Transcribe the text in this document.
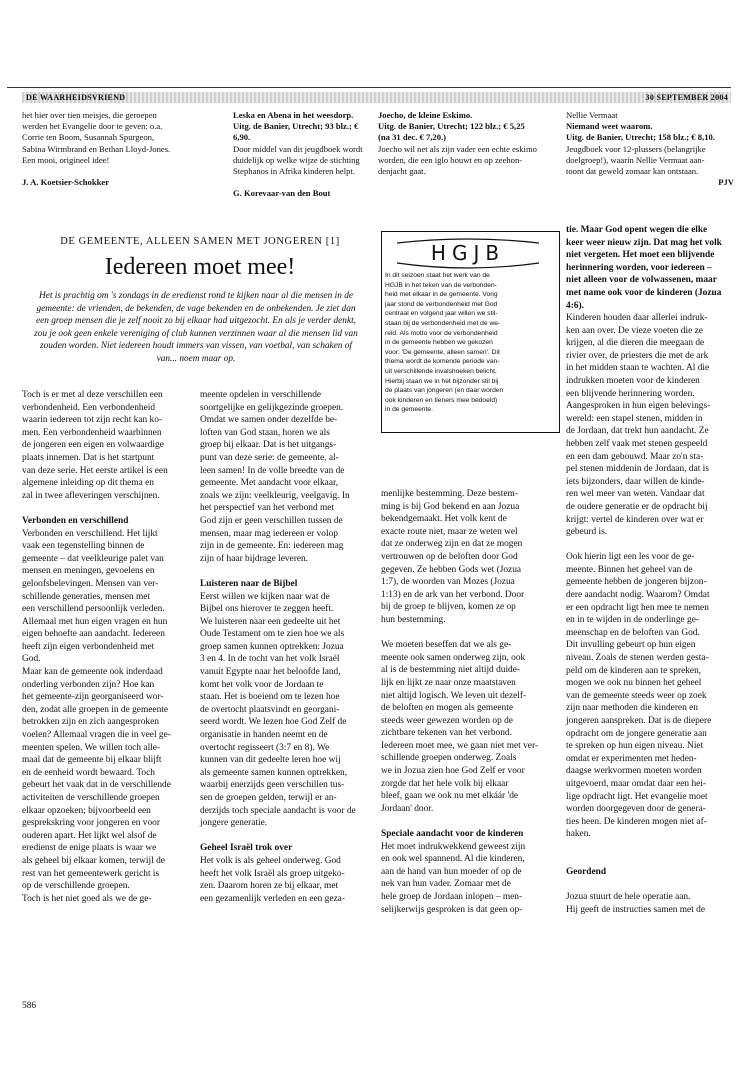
DE WAARHEIDSVRIEND	30 SEPTEMBER 2004

het hier over tien meisjes, die geroepen

werden het Evangelie door te geven: o.a.

Corrie ten Boom, Susannah Spurgeon,

Sabina Wirmbrand en Bethan Lloyd-Jones.

Een mooi, origineel idee!

J. A. Koetsier-Schokker

Leska en Abena in het weesdorp.

Uitg. de Banier, Utrecht; 93 blz.; € 6,90.

Door middel van dit jeugdboek wordt

duidelijk op welke wijze de stichting

Stephanos in Afrika kinderen helpt.

G. Korevaar-van den Bout

Joecho, de kleine Eskimo.

Uitg. de Banier, Utrecht; 122 blz.; € 5,25

(na 31 dec. € 7,20.)

Joecho wil net als zijn vader een echte eskimo

worden, die een iglo bouwt en op zeehon-

denjacht gaat.

Nellie Vermaat

Niemand weet waarom.

Uitg. de Banier, Utrecht; 158 blz.; € 8,10.

Jeugdboek voor 12-plussers (belangrijke

doelgroep!), waarin Nellie Vermaat aan-

toont dat geweld zomaar kan ontstaan.

PJV

DE GEMEENTE, ALLEEN SAMEN MET JONGEREN [1]
Iedereen moet mee!
Het is prachtig om 's zondags in de eredienst rond te kijken naar al die mensen in de
gemeente: de vrienden, de bekenden, de vage bekenden en de onbekenden. Je ziet dan
een groep mensen die je zelf nooit zo bij elkaar had uitgezocht. En als je verder denkt,
zou je ook geen enkele vereniging of club kunnen verzinnen waar al die mensen lid van
zouden worden. Niet iedereen houdt immers van vissen, van voetbal, van schaken of
van... noem maar op.

Toch is er met al deze verschillen een

verbondenheid. Een verbondenheid

waarin iedereen tot zijn recht kan ko-

men. Een verbondenheid waarbinnen

de jongeren een eigen en volwaardige

plaats innemen. Dat is het startpunt

van deze serie. Het eerste artikel is een

algemene inleiding op dit thema en

zal in twee afleveringen verschijnen.

Verbonden en verschillend

Verbonden en verschillend. Het lijkt

vaak een tegenstelling binnen de

gemeente – dat veelkleurige palet van

mensen en meningen, gevoelens en

geloofsbelevingen. Mensen van ver-

schillende generaties, mensen met

een verschillend persoonlijk verleden.

Allemaal met hun eigen vragen en hun

eigen behoefte aan aandacht. Iedereen

heeft zijn eigen verbondenheid met

God.

Maar kan de gemeente ook inderdaad

onderling verbonden zijn? Hoe kan

het gemeente-zijn georganiseerd wor-

den, zodat alle groepen in de gemeente

betrokken zijn en zich aangesproken

voelen? Allemaal vragen die in veel ge-

meenten spelen. We willen toch alle-

maal dat de gemeente bij elkaar blijft

en de eenheid wordt bewaard. Toch

gebeurt het vaak dat in de verschillende

activiteiten de verschillende groepen

elkaar opzoeken; bijvoorbeeld een

gesprekskring voor jongeren en voor

ouderen apart. Het lijkt wel alsof de

eredienst de enige plaats is waar we

als geheel bij elkaar komen, terwijl de

rest van het gemeentewerk gericht is

op de verschillende groepen.

Toch is het niet goed als we de ge-

meente opdelen in verschillende

soortgelijke en gelijkgezinde groepen.

Omdat we samen onder dezelfde be-

loften van God staan, horen we als

groep bij elkaar. Dat is het uitgangs-

punt van deze serie: de gemeente, al-

leen samen! In de volle breedte van de

gemeente. Met aandacht voor elkaar,

zoals we zijn: veelkleurig, veelgavig. In

het perspectief van het verbond met

God zijn er geen verschillen tussen de

mensen, maar mag iedereen er volop

zijn in de gemeente. En: iedereen mag

zijn of haar bijdrage leveren.

Luisteren naar de Bijbel

Eerst willen we kijken naar wat de

Bijbel ons hierover te zeggen heeft.

We luisteren naar een gedeelte uit het

Oude Testament om te zien hoe we als

groep samen kunnen optrekken: Jozua

3 en 4. In de tocht van het volk Israël

vanuit Egypte naar het beloofde land,

komt het volk voor de Jordaan te

staan. Het is boeiend om te lezen hoe

de overtocht plaatsvindt en georgani-

seerd wordt. We lezen hoe God Zelf de

organisatie in handen neemt en de

overtocht regisseert (3:7 en 8). We

kunnen van dit gedeelte leren hoe wij

als gemeente samen kunnen optrekken,

waarbij enerzijds geen verschillen tus-

sen de groepen gelden, terwijl er an-

derzijds toch speciale aandacht is voor de

jongere generatie.

Geheel Israël trok over

Het volk is als geheel onderweg. God

heeft het volk Israël als groep uitgeko-

zen. Daarom horen ze bij elkaar, met

een gezamenlijk verleden en een geza-

HGJB

In dit seizoen staat het werk van de

HGJB in het teken van de verbonden-

heid met elkaar in de gemeente. Vorig

jaar stond de verbondenheid met God

centraal en volgend jaar willen we stil-

staan bij de verbondenheid met de we-

reld. Als motto voor de verbondenheid

in de gemeente hebben we gekozen

voor: 'De gemeente, alleen samen'. Dit

thema wordt de komende periode van-

uit verschillende invalshoeken belicht.

Hierbij staan we in het bijzonder stil bij

de plaats van jongeren (en daar worden

ook kinderen en tieners mee bedoeld)

in de gemeente.

menlijke bestemming. Deze bestem-

ming is bij God bekend en aan Jozua

bekendgemaakt. Het volk kent de

exacte route niet, maar ze weten wel

dat ze onderweg zijn en dat ze mogen

vertrouwen op de beloften door God

gegeven. Ze hebben Gods wet (Jozua

1:7), de woorden van Mozes (Jozua

1:13) en de ark van het verbond. Door

bij de groep te blijven, komen ze op

hun bestemming.

We moeten beseffen dat we als ge-

meente ook samen onderweg zijn, ook

al is de bestemming niet altijd duide-

lijk en lijkt ze naar onze maatstaven

niet altijd logisch. We leven uit dezelf-

de beloften en mogen als gemeente

steeds weer gewezen worden op de

zichtbare tekenen van het verbond.

Iedereen moet mee, we gaan niet met ver-

schillende groepen onderweg. Zoals

we in Jozua zien hoe God Zelf er voor

zorgde dat het hele volk bij elkaar

bleef, gaan we ook nu met elkáár 'de

Jordaan' door.

Speciale aandacht voor de kinderen

Het moet indrukwekkend geweest zijn

en ook wel spannend. Al die kinderen,

aan de hand van hun moeder of op de

nek van hun vader. Zomaar met de

hele groep de Jordaan inlopen – men-

selijkerwijs gesproken is dat geen op-

tie. Maar God opent wegen die elke

keer weer nieuw zijn. Dat mag het volk

niet vergeten. Het moet een blijvende

herinnering worden, voor iedereen –

niet alleen voor de volwassenen, maar

met name ook voor de kinderen (Jozua

4:6).

Kinderen houden daar allerlei indruk-

ken aan over. De vieze voeten die ze

krijgen, al die dieren die meegaan de

rivier over, de priesters die met de ark

in het midden staan te wachten. Al die

indrukken moeten voor de kinderen

een blijvende herinnering worden.

Aangesproken in hun eigen belevings-

wereld: een stapel stenen, midden in

de Jordaan, dat trekt hun aandacht. Ze

hebben zelf vaak met stenen gespeeld

en een dam gebouwd. Maar zo'n sta-

pel stenen middenin de Jordaan, dat is

iets bijzonders, daar willen de kinde-

ren wel meer van weten. Vandaar dat

de oudere generatie er de opdracht bij

krijgt: vertel de kinderen over wat er

gebeurd is.

Ook hierin ligt een les voor de ge-

meente. Binnen het geheel van de

gemeente hebben de jongeren bijzon-

dere aandacht nodig. Waarom? Omdat

er een opdracht ligt hen mee te nemen

en in te wijden in de onderlinge ge-

meenschap en de beloften van God.

Dit invulling gebeurt op hun eigen

niveau. Zoals de stenen werden gesta-

peld om de kinderen aan te spreken,

mogen we ook nu binnen het geheel

van de gemeente steeds weer op zoek

zijn naar methoden die kinderen en

jongeren aanspreken. Dat is de diepere

opdracht om de jongere generatie aan

te spreken op hun eigen niveau. Niet

omdat er experimenten met heden-

daagse werkvormen moeten worden

uitgevoerd, maar omdat daar een hei-

lige opdracht ligt. Het evangelie moet

worden doorgegeven door de genera-

ties heen. De kinderen mogen niet af-

haken.

Geordend

Jozua stuurt de hele operatie aan.

Hij geeft de instructies samen met de

586
